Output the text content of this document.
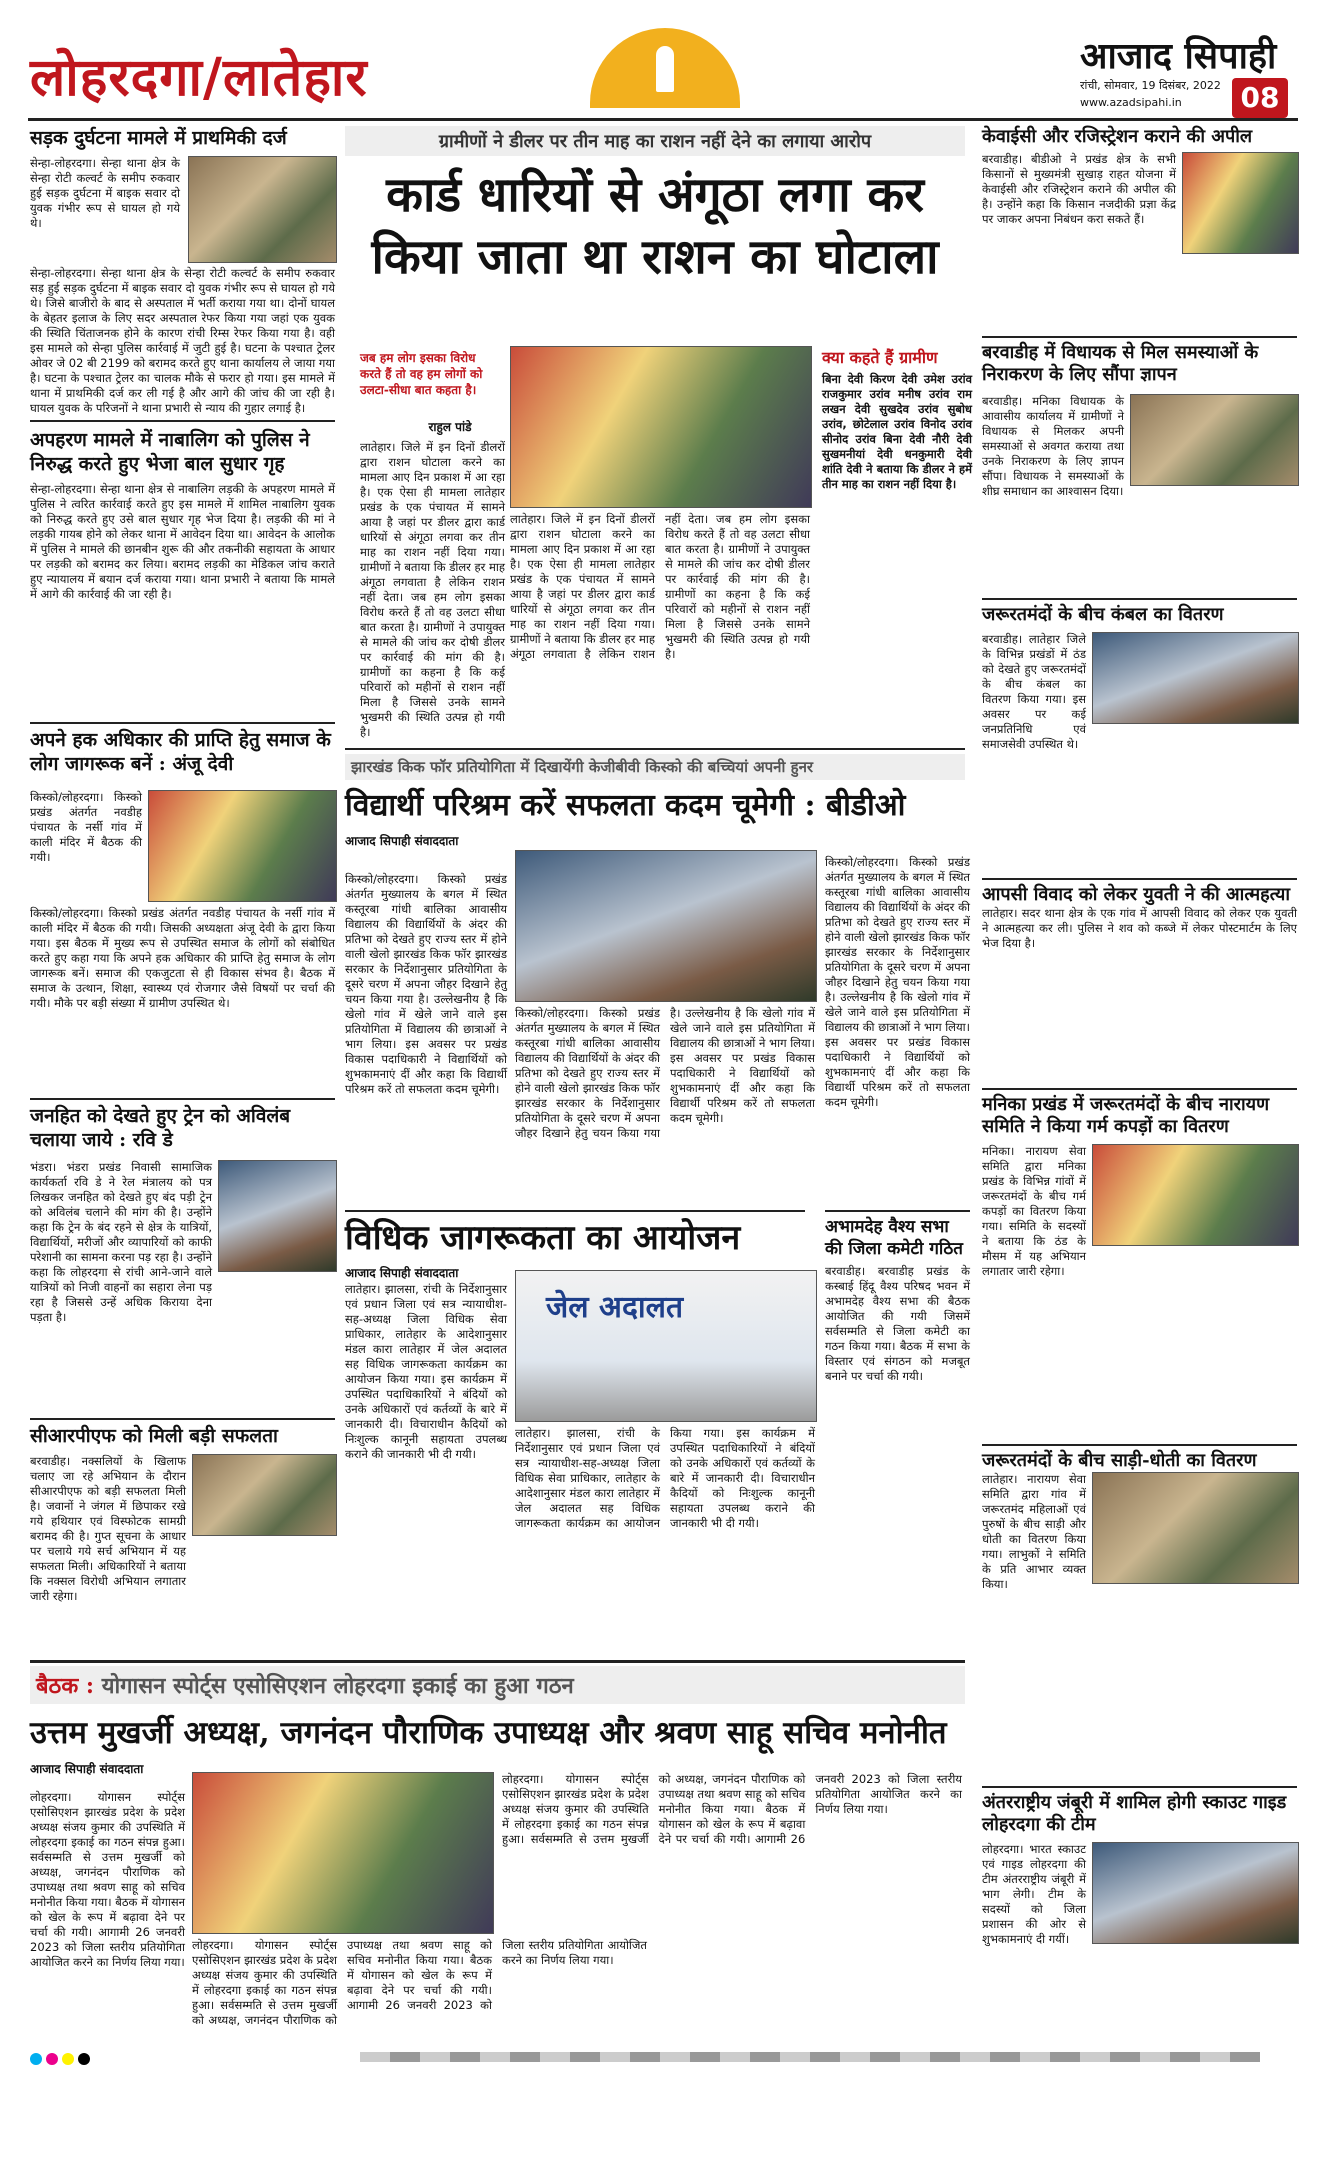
लोहरदगा/लातेहार	आजाद सिपाही
रांची, सोमवार, 19 दिसंबर, 2022
www.azadsipahi.in	08
सड़क दुर्घटना मामले में प्राथमिकी दर्ज
सेन्हा-लोहरदगा। सेन्हा थाना क्षेत्र के सेन्हा रोटी कल्वर्ट के समीप रुकवार हुई सड़क दुर्घटना में बाइक सवार दो युवक गंभीर रूप से घायल हो गये थे।
सेन्हा-लोहरदगा। सेन्हा थाना क्षेत्र के सेन्हा रोटी कल्वर्ट के समीप रुकवार सड़ हुई सड़क दुर्घटना में बाइक सवार दो युवक गंभीर रूप से घायल हो गये थे। जिसे बाजीरो के बाद से अस्पताल में भर्ती कराया गया था। दोनों घायल के बेहतर इलाज के लिए सदर अस्पताल रेफर किया गया जहां एक युवक की स्थिति चिंताजनक होने के कारण रांची रिम्स रेफर किया गया है। वही इस मामले को सेन्हा पुलिस कार्रवाई में जुटी हुई है। घटना के पश्चात ट्रेलर ओवर जे 02 बी 2199 को बरामद करते हुए थाना कार्यालय ले जाया गया है। घटना के पश्चात ट्रेलर का चालक मौके से फरार हो गया। इस मामले में थाना में प्राथमिकी दर्ज कर ली गई है और आगे की जांच की जा रही है। घायल युवक के परिजनों ने थाना प्रभारी से न्याय की गुहार लगाई है।
अपहरण मामले में नाबालिग को पुलिस ने निरुद्ध करते हुए भेजा बाल सुधार गृह
सेन्हा-लोहरदगा। सेन्हा थाना क्षेत्र से नाबालिग लड़की के अपहरण मामले में पुलिस ने त्वरित कार्रवाई करते हुए इस मामले में शामिल नाबालिग युवक को निरुद्ध करते हुए उसे बाल सुधार गृह भेज दिया है। लड़की की मां ने लड़की गायब होने को लेकर थाना में आवेदन दिया था। आवेदन के आलोक में पुलिस ने मामले की छानबीन शुरू की और तकनीकी सहायता के आधार पर लड़की को बरामद कर लिया। बरामद लड़की का मेडिकल जांच कराते हुए न्यायालय में बयान दर्ज कराया गया। थाना प्रभारी ने बताया कि मामले में आगे की कार्रवाई की जा रही है।
अपने हक अधिकार की प्राप्ति हेतु समाज के लोग जागरूक बनें : अंजू देवी
किस्को/लोहरदगा। किस्को प्रखंड अंतर्गत नवडीह पंचायत के नर्सी गांव में काली मंदिर में बैठक की गयी।
किस्को/लोहरदगा। किस्को प्रखंड अंतर्गत नवडीह पंचायत के नर्सी गांव में काली मंदिर में बैठक की गयी। जिसकी अध्यक्षता अंजू देवी के द्वारा किया गया। इस बैठक में मुख्य रूप से उपस्थित समाज के लोगों को संबोधित करते हुए कहा गया कि अपने हक अधिकार की प्राप्ति हेतु समाज के लोग जागरूक बनें। समाज की एकजुटता से ही विकास संभव है। बैठक में समाज के उत्थान, शिक्षा, स्वास्थ्य एवं रोजगार जैसे विषयों पर चर्चा की गयी। मौके पर बड़ी संख्या में ग्रामीण उपस्थित थे।
जनहित को देखते हुए ट्रेन को अविलंब चलाया जाये : रवि डे
भंडरा। भंडरा प्रखंड निवासी सामाजिक कार्यकर्ता रवि डे ने रेल मंत्रालय को पत्र लिखकर जनहित को देखते हुए बंद पड़ी ट्रेन को अविलंब चलाने की मांग की है। उन्होंने कहा कि ट्रेन के बंद रहने से क्षेत्र के यात्रियों, विद्यार्थियों, मरीजों और व्यापारियों को काफी परेशानी का सामना करना पड़ रहा है। उन्होंने कहा कि लोहरदगा से रांची आने-जाने वाले यात्रियों को निजी वाहनों का सहारा लेना पड़ रहा है जिससे उन्हें अधिक किराया देना पड़ता है।
सीआरपीएफ को मिली बड़ी सफलता
बरवाडीह। नक्सलियों के खिलाफ चलाए जा रहे अभियान के दौरान सीआरपीएफ को बड़ी सफलता मिली है। जवानों ने जंगल में छिपाकर रखे गये हथियार एवं विस्फोटक सामग्री बरामद की है। गुप्त सूचना के आधार पर चलाये गये सर्च अभियान में यह सफलता मिली। अधिकारियों ने बताया कि नक्सल विरोधी अभियान लगातार जारी रहेगा।
ग्रामीणों ने डीलर पर तीन माह का राशन नहीं देने का लगाया आरोप
कार्ड धारियों से अंगूठा लगा कर
किया जाता था राशन का घोटाला
जब हम लोग इसका विरोध करते हैं तो वह हम लोगों को उलटा-सीधा बात कहता है।
राहुल पांडे
लातेहार। जिले में इन दिनों डीलरों द्वारा राशन घोटाला करने का मामला आए दिन प्रकाश में आ रहा है। एक ऐसा ही मामला लातेहार प्रखंड के एक पंचायत में सामने आया है जहां पर डीलर द्वारा कार्ड धारियों से अंगूठा लगवा कर तीन माह का राशन नहीं दिया गया। ग्रामीणों ने बताया कि डीलर हर माह अंगूठा लगवाता है लेकिन राशन नहीं देता। जब हम लोग इसका विरोध करते हैं तो वह उलटा सीधा बात करता है। ग्रामीणों ने उपायुक्त से मामले की जांच कर दोषी डीलर पर कार्रवाई की मांग की है। ग्रामीणों का कहना है कि कई परिवारों को महीनों से राशन नहीं मिला है जिससे उनके सामने भुखमरी की स्थिति उत्पन्न हो गयी है।
लातेहार। जिले में इन दिनों डीलरों द्वारा राशन घोटाला करने का मामला आए दिन प्रकाश में आ रहा है। एक ऐसा ही मामला लातेहार प्रखंड के एक पंचायत में सामने आया है जहां पर डीलर द्वारा कार्ड धारियों से अंगूठा लगवा कर तीन माह का राशन नहीं दिया गया। ग्रामीणों ने बताया कि डीलर हर माह अंगूठा लगवाता है लेकिन राशन नहीं देता। जब हम लोग इसका विरोध करते हैं तो वह उलटा सीधा बात करता है। ग्रामीणों ने उपायुक्त से मामले की जांच कर दोषी डीलर पर कार्रवाई की मांग की है। ग्रामीणों का कहना है कि कई परिवारों को महीनों से राशन नहीं मिला है जिससे उनके सामने भुखमरी की स्थिति उत्पन्न हो गयी है।
क्या कहते हैं ग्रामीण
बिना देवी किरण देवी उमेश उरांव राजकुमार उरांव मनीष उरांव राम लखन देवी सुखदेव उरांव सुबोध उरांव, छोटेलाल उरांव विनोद उरांव सीनोद उरांव बिना देवी नौरी देवी सुखमनीयां देवी धनकुमारी देवी शांति देवी ने बताया कि डीलर ने हमें तीन माह का राशन नहीं दिया है।
झारखंड किक फॉर प्रतियोगिता में दिखायेंगी केजीबीवी किस्को की बच्चियां अपनी हुनर
विद्यार्थी परिश्रम करें सफलता कदम चूमेगी : बीडीओ
आजाद सिपाही संवाददाता
किस्को/लोहरदगा। किस्को प्रखंड अंतर्गत मुख्यालय के बगल में स्थित कस्तूरबा गांधी बालिका आवासीय विद्यालय की विद्यार्थियों के अंदर की प्रतिभा को देखते हुए राज्य स्तर में होने वाली खेलो झारखंड किक फॉर झारखंड सरकार के निर्देशानुसार प्रतियोगिता के दूसरे चरण में अपना जौहर दिखाने हेतु चयन किया गया है। उल्लेखनीय है कि खेलो गांव में खेले जाने वाले इस प्रतियोगिता में विद्यालय की छात्राओं ने भाग लिया। इस अवसर पर प्रखंड विकास पदाधिकारी ने विद्यार्थियों को शुभकामनाएं दीं और कहा कि विद्यार्थी परिश्रम करें तो सफलता कदम चूमेगी।
किस्को/लोहरदगा। किस्को प्रखंड अंतर्गत मुख्यालय के बगल में स्थित कस्तूरबा गांधी बालिका आवासीय विद्यालय की विद्यार्थियों के अंदर की प्रतिभा को देखते हुए राज्य स्तर में होने वाली खेलो झारखंड किक फॉर झारखंड सरकार के निर्देशानुसार प्रतियोगिता के दूसरे चरण में अपना जौहर दिखाने हेतु चयन किया गया है। उल्लेखनीय है कि खेलो गांव में खेले जाने वाले इस प्रतियोगिता में विद्यालय की छात्राओं ने भाग लिया। इस अवसर पर प्रखंड विकास पदाधिकारी ने विद्यार्थियों को शुभकामनाएं दीं और कहा कि विद्यार्थी परिश्रम करें तो सफलता कदम चूमेगी।
किस्को/लोहरदगा। किस्को प्रखंड अंतर्गत मुख्यालय के बगल में स्थित कस्तूरबा गांधी बालिका आवासीय विद्यालय की विद्यार्थियों के अंदर की प्रतिभा को देखते हुए राज्य स्तर में होने वाली खेलो झारखंड किक फॉर झारखंड सरकार के निर्देशानुसार प्रतियोगिता के दूसरे चरण में अपना जौहर दिखाने हेतु चयन किया गया है। उल्लेखनीय है कि खेलो गांव में खेले जाने वाले इस प्रतियोगिता में विद्यालय की छात्राओं ने भाग लिया। इस अवसर पर प्रखंड विकास पदाधिकारी ने विद्यार्थियों को शुभकामनाएं दीं और कहा कि विद्यार्थी परिश्रम करें तो सफलता कदम चूमेगी।
विधिक जागरूकता का आयोजन
आजाद सिपाही संवाददाता
जेल अदालत
लातेहार। झालसा, रांची के निर्देशानुसार एवं प्रधान जिला एवं सत्र न्यायाधीश-सह-अध्यक्ष जिला विधिक सेवा प्राधिकार, लातेहार के आदेशानुसार मंडल कारा लातेहार में जेल अदालत सह विधिक जागरूकता कार्यक्रम का आयोजन किया गया। इस कार्यक्रम में उपस्थित पदाधिकारियों ने बंदियों को उनके अधिकारों एवं कर्तव्यों के बारे में जानकारी दी। विचाराधीन कैदियों को निःशुल्क कानूनी सहायता उपलब्ध कराने की जानकारी भी दी गयी।
लातेहार। झालसा, रांची के निर्देशानुसार एवं प्रधान जिला एवं सत्र न्यायाधीश-सह-अध्यक्ष जिला विधिक सेवा प्राधिकार, लातेहार के आदेशानुसार मंडल कारा लातेहार में जेल अदालत सह विधिक जागरूकता कार्यक्रम का आयोजन किया गया। इस कार्यक्रम में उपस्थित पदाधिकारियों ने बंदियों को उनके अधिकारों एवं कर्तव्यों के बारे में जानकारी दी। विचाराधीन कैदियों को निःशुल्क कानूनी सहायता उपलब्ध कराने की जानकारी भी दी गयी।
अभामदेह वैश्य सभा की जिला कमेटी गठित
बरवाडीह। बरवाडीह प्रखंड के कस्बाई हिंदू वैश्य परिषद भवन में अभामदेह वैश्य सभा की बैठक आयोजित की गयी जिसमें सर्वसम्मति से जिला कमेटी का गठन किया गया। बैठक में सभा के विस्तार एवं संगठन को मजबूत बनाने पर चर्चा की गयी।
केवाईसी और रजिस्ट्रेशन कराने की अपील
बरवाडीह। बीडीओ ने प्रखंड क्षेत्र के सभी किसानों से मुख्यमंत्री सुखाड़ राहत योजना में केवाईसी और रजिस्ट्रेशन कराने की अपील की है। उन्होंने कहा कि किसान नजदीकी प्रज्ञा केंद्र पर जाकर अपना निबंधन करा सकते हैं।
बरवाडीह में विधायक से मिल समस्याओं के निराकरण के लिए सौंपा ज्ञापन
बरवाडीह। मनिका विधायक के आवासीय कार्यालय में ग्रामीणों ने विधायक से मिलकर अपनी समस्याओं से अवगत कराया तथा उनके निराकरण के लिए ज्ञापन सौंपा। विधायक ने समस्याओं के शीघ्र समाधान का आश्वासन दिया।
जरूरतमंदों के बीच कंबल का वितरण
बरवाडीह। लातेहार जिले के विभिन्न प्रखंडों में ठंड को देखते हुए जरूरतमंदों के बीच कंबल का वितरण किया गया। इस अवसर पर कई जनप्रतिनिधि एवं समाजसेवी उपस्थित थे।
आपसी विवाद को लेकर युवती ने की आत्महत्या
लातेहार। सदर थाना क्षेत्र के एक गांव में आपसी विवाद को लेकर एक युवती ने आत्महत्या कर ली। पुलिस ने शव को कब्जे में लेकर पोस्टमार्टम के लिए भेज दिया है।
मनिका प्रखंड में जरूरतमंदों के बीच नारायण समिति ने किया गर्म कपड़ों का वितरण
मनिका। नारायण सेवा समिति द्वारा मनिका प्रखंड के विभिन्न गांवों में जरूरतमंदों के बीच गर्म कपड़ों का वितरण किया गया। समिति के सदस्यों ने बताया कि ठंड के मौसम में यह अभियान लगातार जारी रहेगा।
जरूरतमंदों के बीच साड़ी-धोती का वितरण
लातेहार। नारायण सेवा समिति द्वारा गांव में जरूरतमंद महिलाओं एवं पुरुषों के बीच साड़ी और धोती का वितरण किया गया। लाभुकों ने समिति के प्रति आभार व्यक्त किया।
अंतरराष्ट्रीय जंबूरी में शामिल होगी स्काउट गाइड लोहरदगा की टीम
लोहरदगा। भारत स्काउट एवं गाइड लोहरदगा की टीम अंतरराष्ट्रीय जंबूरी में भाग लेगी। टीम के सदस्यों को जिला प्रशासन की ओर से शुभकामनाएं दी गयीं।
बैठक : योगासन स्पोर्ट्स एसोसिएशन लोहरदगा इकाई का हुआ गठन
उत्तम मुखर्जी अध्यक्ष, जगनंदन पौराणिक उपाध्यक्ष और श्रवण साहू सचिव मनोनीत
आजाद सिपाही संवाददाता
लोहरदगा। योगासन स्पोर्ट्स एसोसिएशन झारखंड प्रदेश के प्रदेश अध्यक्ष संजय कुमार की उपस्थिति में लोहरदगा इकाई का गठन संपन्न हुआ। सर्वसम्मति से उत्तम मुखर्जी को अध्यक्ष, जगनंदन पौराणिक को उपाध्यक्ष तथा श्रवण साहू को सचिव मनोनीत किया गया। बैठक में योगासन को खेल के रूप में बढ़ावा देने पर चर्चा की गयी। आगामी 26 जनवरी 2023 को जिला स्तरीय प्रतियोगिता आयोजित करने का निर्णय लिया गया।
लोहरदगा। योगासन स्पोर्ट्स एसोसिएशन झारखंड प्रदेश के प्रदेश अध्यक्ष संजय कुमार की उपस्थिति में लोहरदगा इकाई का गठन संपन्न हुआ। सर्वसम्मति से उत्तम मुखर्जी को अध्यक्ष, जगनंदन पौराणिक को उपाध्यक्ष तथा श्रवण साहू को सचिव मनोनीत किया गया। बैठक में योगासन को खेल के रूप में बढ़ावा देने पर चर्चा की गयी। आगामी 26 जनवरी 2023 को जिला स्तरीय प्रतियोगिता आयोजित करने का निर्णय लिया गया।
लोहरदगा। योगासन स्पोर्ट्स एसोसिएशन झारखंड प्रदेश के प्रदेश अध्यक्ष संजय कुमार की उपस्थिति में लोहरदगा इकाई का गठन संपन्न हुआ। सर्वसम्मति से उत्तम मुखर्जी को अध्यक्ष, जगनंदन पौराणिक को उपाध्यक्ष तथा श्रवण साहू को सचिव मनोनीत किया गया। बैठक में योगासन को खेल के रूप में बढ़ावा देने पर चर्चा की गयी। आगामी 26 जनवरी 2023 को जिला स्तरीय प्रतियोगिता आयोजित करने का निर्णय लिया गया।
